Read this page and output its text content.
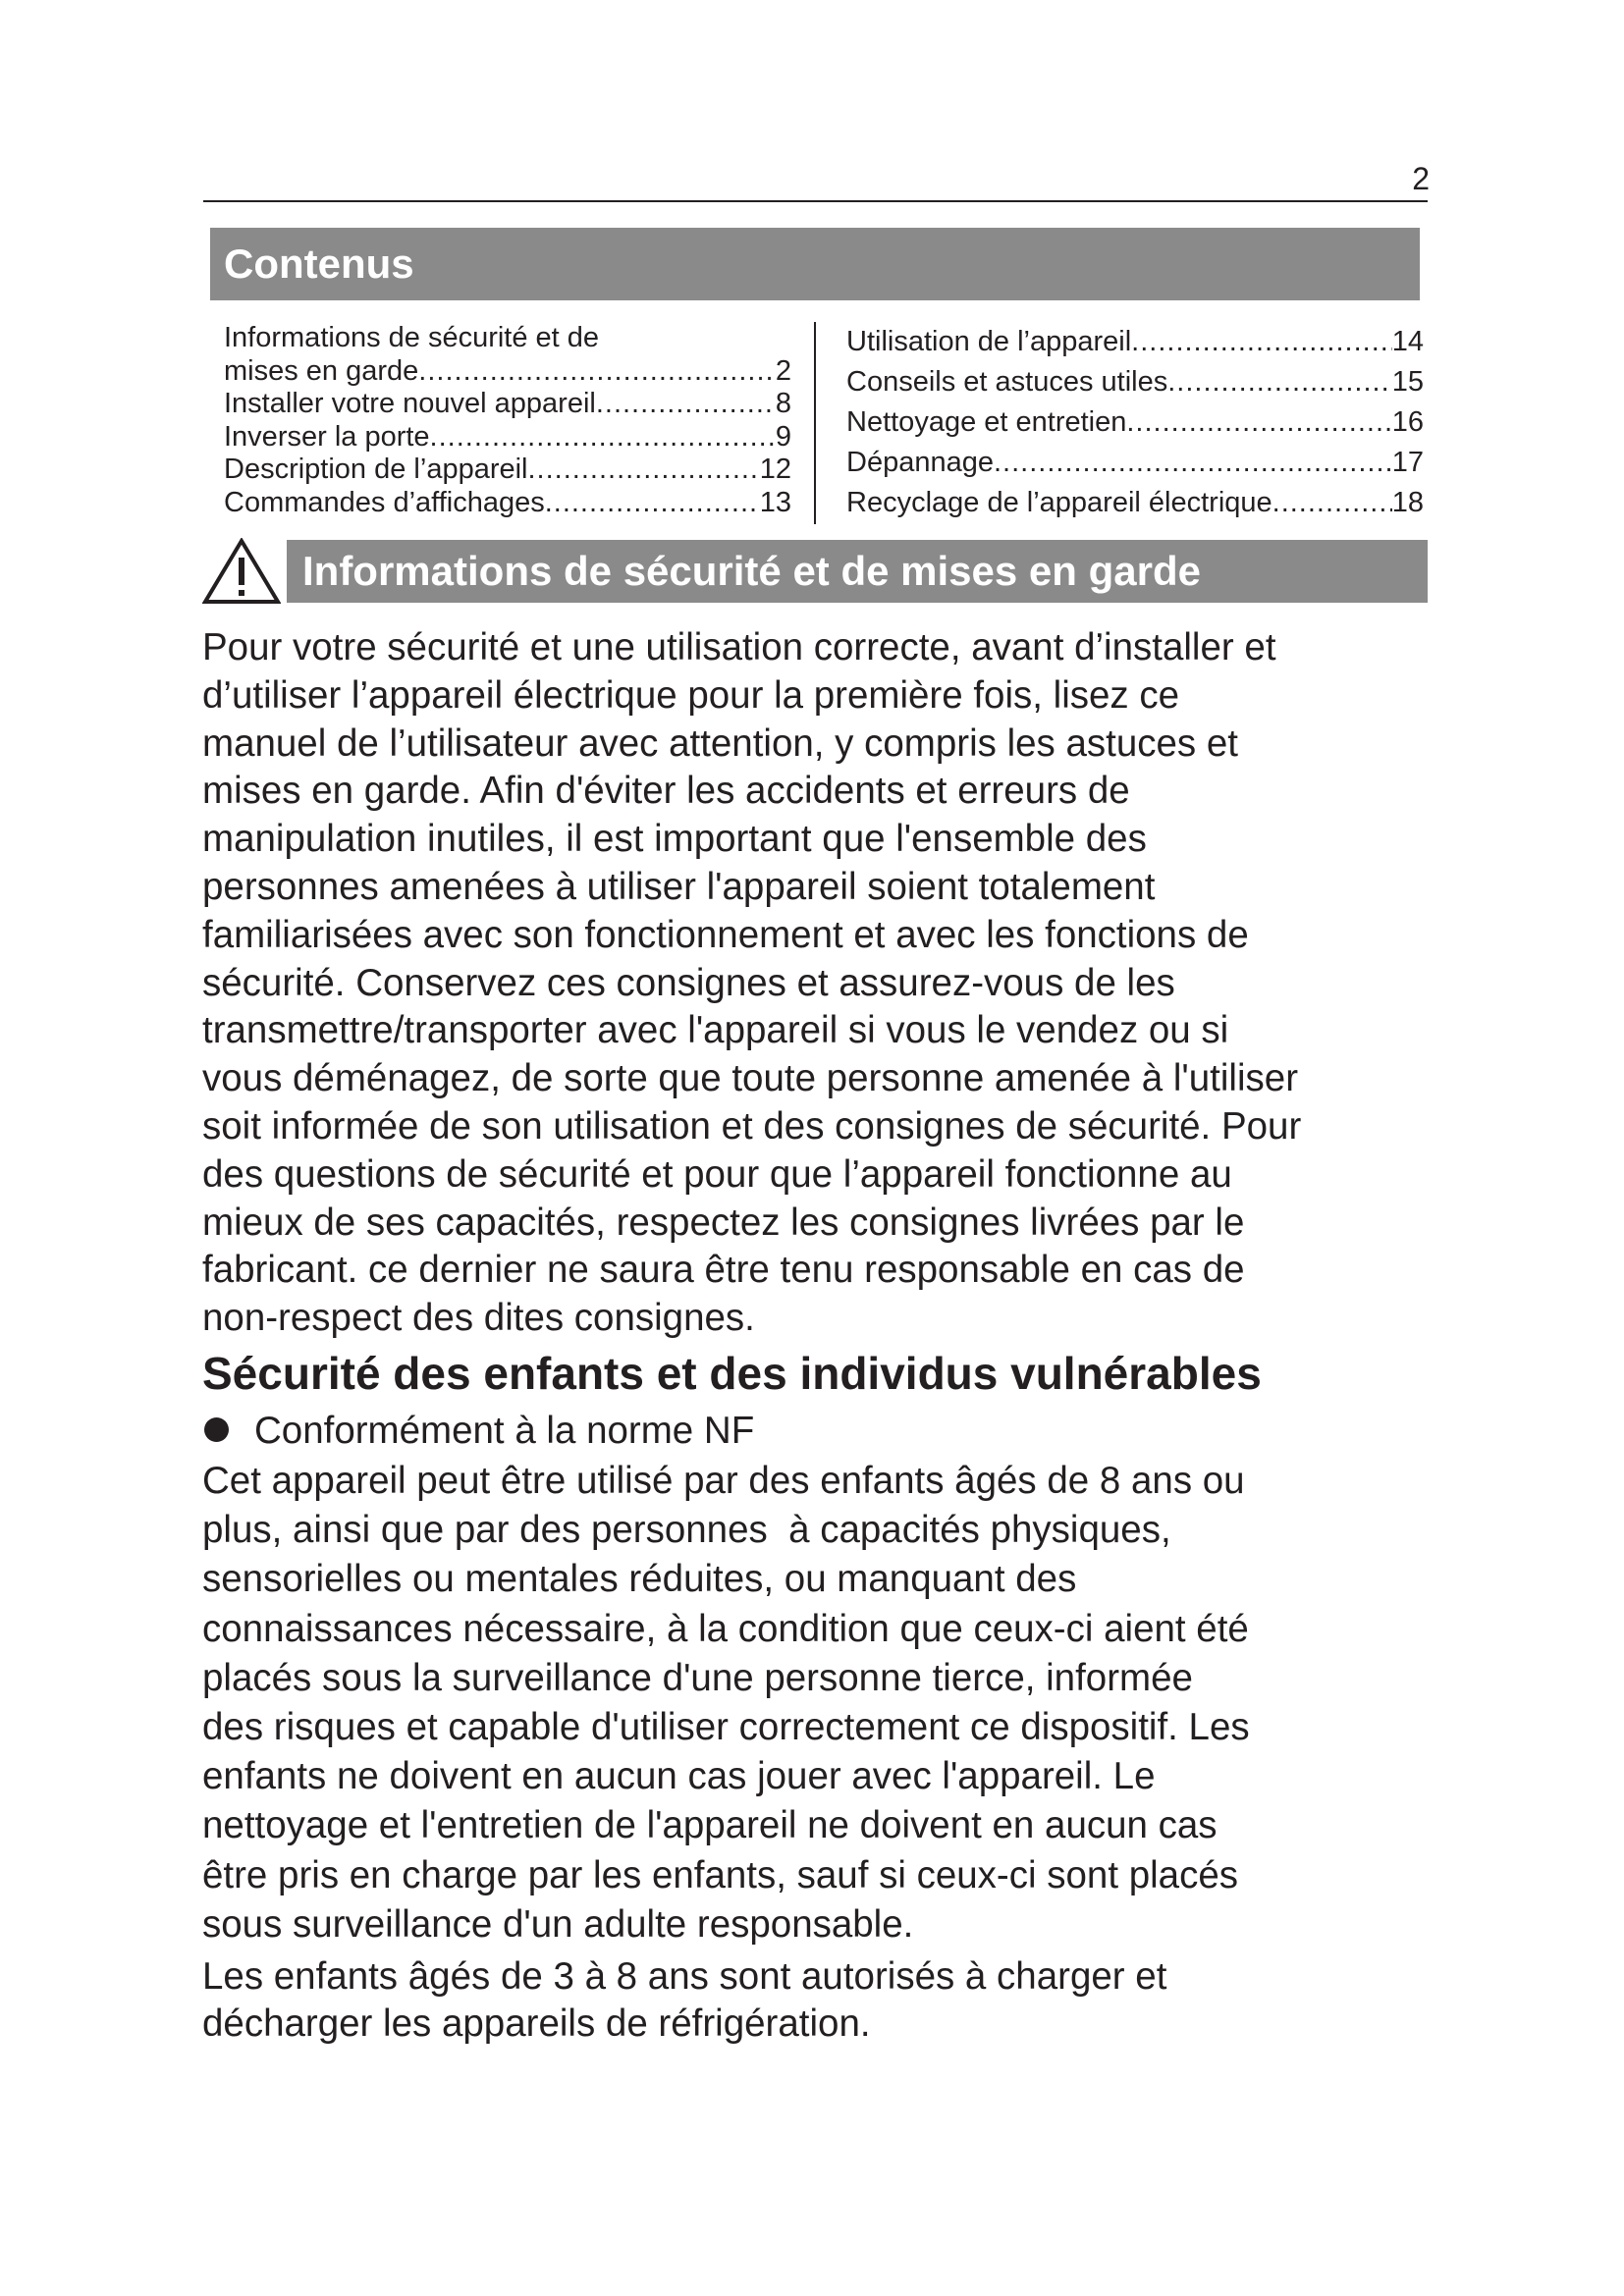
2
Contenus
Informations de sécurité et de
mises en garde .....	2
Installer votre nouvel appareil .....	8
Inverser la porte .....	9
Description de l’appareil .....	12
Commandes d’affichages .....	13
Utilisation de l’appareil .....	14
Conseils et astuces utiles .....	15
Nettoyage et entretien .....	16
Dépannage .....	17
Recyclage de l’appareil électrique .....	18
Informations de sécurité et de mises en garde
Pour votre sécurité et une utilisation correcte, avant d’installer et
d’utiliser l’appareil électrique pour la première fois, lisez ce
manuel de l’utilisateur avec attention, y compris les astuces et
mises en garde. Afin d'éviter les accidents et erreurs de
manipulation inutiles, il est important que l'ensemble des
personnes amenées à utiliser l'appareil soient totalement
familiarisées avec son fonctionnement et avec les fonctions de
sécurité. Conservez ces consignes et assurez-vous de les
transmettre/transporter avec l'appareil si vous le vendez ou si
vous déménagez, de sorte que toute personne amenée à l'utiliser
soit informée de son utilisation et des consignes de sécurité. Pour
des questions de sécurité et pour que l’appareil fonctionne au
mieux de ses capacités, respectez les consignes livrées par le
fabricant. ce dernier ne saura être tenu responsable en cas de
non-respect des dites consignes.
Sécurité des enfants et des individus vulnérables
Conformément à la norme NF
Cet appareil peut être utilisé par des enfants âgés de 8 ans ou
plus, ainsi que par des personnes  à capacités physiques,
sensorielles ou mentales réduites, ou manquant des
connaissances nécessaire, à la condition que ceux-ci aient été
placés sous la surveillance d'une personne tierce, informée
des risques et capable d'utiliser correctement ce dispositif. Les
enfants ne doivent en aucun cas jouer avec l'appareil. Le
nettoyage et l'entretien de l'appareil ne doivent en aucun cas
être pris en charge par les enfants, sauf si ceux-ci sont placés
sous surveillance d'un adulte responsable.
Les enfants âgés de 3 à 8 ans sont autorisés à charger et
décharger les appareils de réfrigération.
